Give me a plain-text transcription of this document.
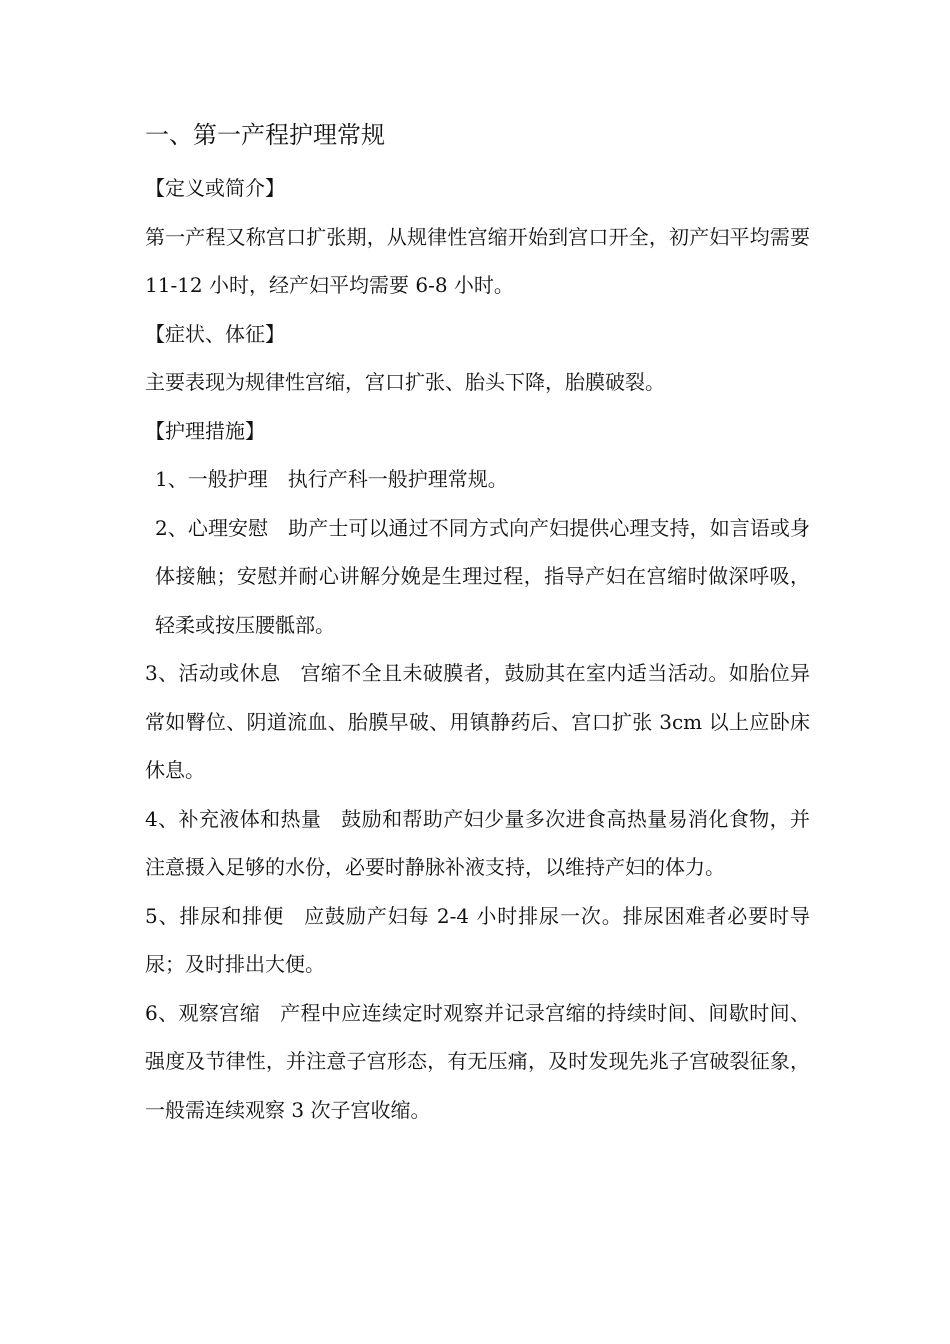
一、第一产程护理常规

【定义或简介】

第一产程又称宫口扩张期，从规律性宫缩开始到宫口开全，初产妇平均需要 11-12 小时，经产妇平均需要 6-8 小时。

【症状、体征】

主要表现为规律性宫缩，宫口扩张、胎头下降，胎膜破裂。

【护理措施】

1、一般护理 执行产科一般护理常规。

2、心理安慰 助产士可以通过不同方式向产妇提供心理支持，如言语或身体接触；安慰并耐心讲解分娩是生理过程，指导产妇在宫缩时做深呼吸，轻柔或按压腰骶部。

3、活动或休息 宫缩不全且未破膜者，鼓励其在室内适当活动。如胎位异常如臀位、阴道流血、胎膜早破、用镇静药后、宫口扩张 3cm 以上应卧床休息。

4、补充液体和热量 鼓励和帮助产妇少量多次进食高热量易消化食物，并注意摄入足够的水份，必要时静脉补液支持，以维持产妇的体力。

5、排尿和排便 应鼓励产妇每 2-4 小时排尿一次。排尿困难者必要时导尿；及时排出大便。

6、观察宫缩 产程中应连续定时观察并记录宫缩的持续时间、间歇时间、强度及节律性，并注意子宫形态，有无压痛，及时发现先兆子宫破裂征象，一般需连续观察 3 次子宫收缩。
